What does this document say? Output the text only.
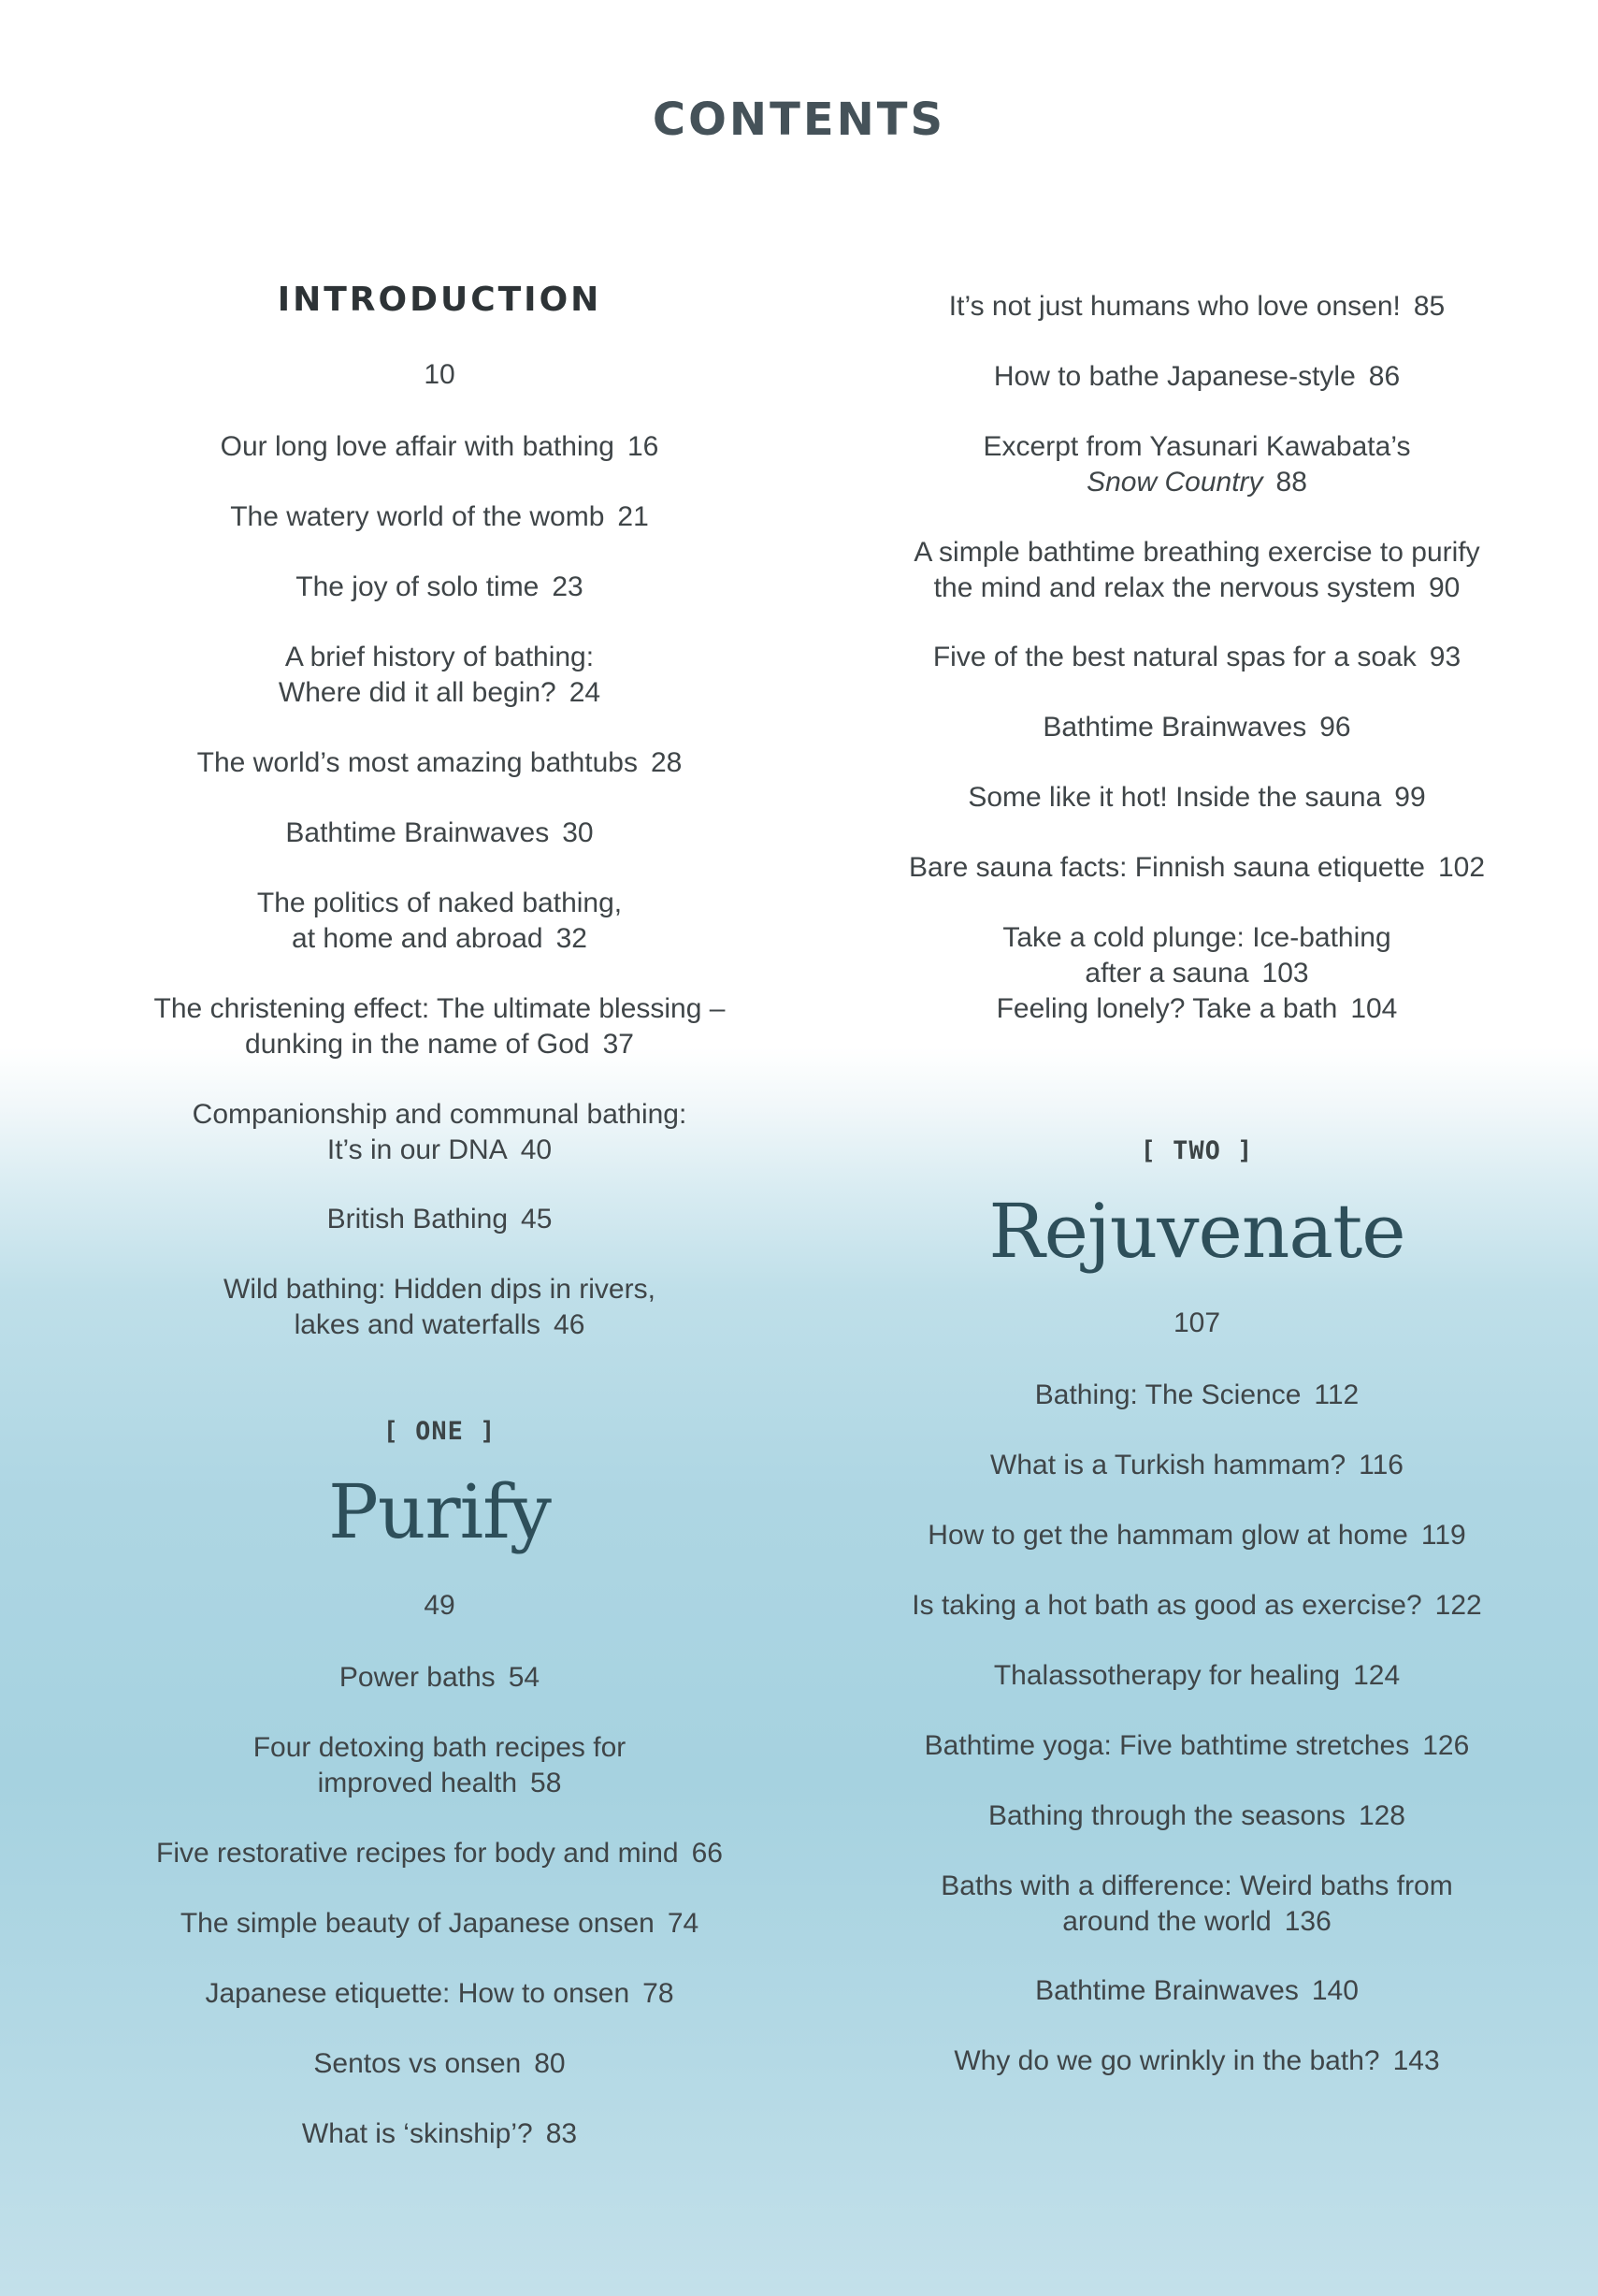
CONTENTS
INTRODUCTION
10
Our long love affair with bathing 16
The watery world of the womb 21
The joy of solo time 23
A brief history of bathing:
Where did it all begin? 24
The world’s most amazing bathtubs 28
Bathtime Brainwaves 30
The politics of naked bathing,
at home and abroad 32
The christening effect: The ultimate blessing –
dunking in the name of God 37
Companionship and communal bathing:
It’s in our DNA 40
British Bathing 45
Wild bathing: Hidden dips in rivers,
lakes and waterfalls 46
[ ONE ]
Purify
49
Power baths 54
Four detoxing bath recipes for
improved health 58
Five restorative recipes for body and mind 66
The simple beauty of Japanese onsen 74
Japanese etiquette: How to onsen 78
Sentos vs onsen 80
What is ‘skinship’? 83
It’s not just humans who love onsen! 85
How to bathe Japanese-style 86
Excerpt from Yasunari Kawabata’s
Snow Country 88
A simple bathtime breathing exercise to purify
the mind and relax the nervous system 90
Five of the best natural spas for a soak 93
Bathtime Brainwaves 96
Some like it hot! Inside the sauna 99
Bare sauna facts: Finnish sauna etiquette 102
Take a cold plunge: Ice-bathing
after a sauna 103
Feeling lonely? Take a bath 104
[ TWO ]
Rejuvenate
107
Bathing: The Science 112
What is a Turkish hammam? 116
How to get the hammam glow at home 119
Is taking a hot bath as good as exercise? 122
Thalassotherapy for healing 124
Bathtime yoga: Five bathtime stretches 126
Bathing through the seasons 128
Baths with a difference: Weird baths from
around the world 136
Bathtime Brainwaves 140
Why do we go wrinkly in the bath? 143
